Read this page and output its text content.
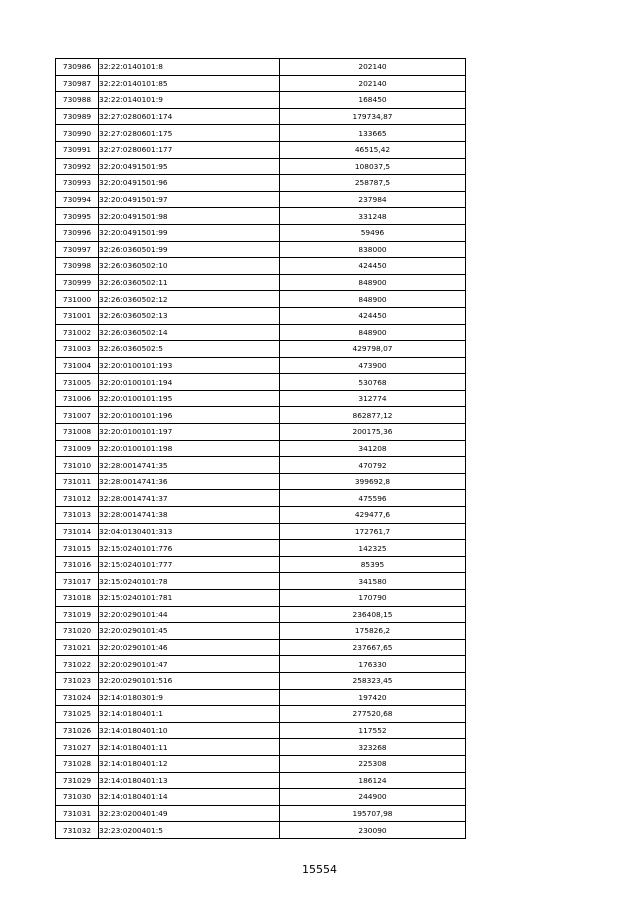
730986	32:22:0140101:8	202140
730987	32:22:0140101:85	202140
730988	32:22:0140101:9	168450
730989	32:27:0280601:174	179734,87
730990	32:27:0280601:175	133665
730991	32:27:0280601:177	46515,42
730992	32:20:0491501:95	108037,5
730993	32:20:0491501:96	258787,5
730994	32:20:0491501:97	237984
730995	32:20:0491501:98	331248
730996	32:20:0491501:99	59496
730997	32:26:0360501:99	838000
730998	32:26:0360502:10	424450
730999	32:26:0360502:11	848900
731000	32:26:0360502:12	848900
731001	32:26:0360502:13	424450
731002	32:26:0360502:14	848900
731003	32:26:0360502:5	429798,07
731004	32:20:0100101:193	473900
731005	32:20:0100101:194	530768
731006	32:20:0100101:195	312774
731007	32:20:0100101:196	862877,12
731008	32:20:0100101:197	200175,36
731009	32:20:0100101:198	341208
731010	32:28:0014741:35	470792
731011	32:28:0014741:36	399692,8
731012	32:28:0014741:37	475596
731013	32:28:0014741:38	429477,6
731014	32:04:0130401:313	172761,7
731015	32:15:0240101:776	142325
731016	32:15:0240101:777	85395
731017	32:15:0240101:78	341580
731018	32:15:0240101:781	170790
731019	32:20:0290101:44	236408,15
731020	32:20:0290101:45	175826,2
731021	32:20:0290101:46	237667,65
731022	32:20:0290101:47	176330
731023	32:20:0290101:516	258323,45
731024	32:14:0180301:9	197420
731025	32:14:0180401:1	277520,68
731026	32:14:0180401:10	117552
731027	32:14:0180401:11	323268
731028	32:14:0180401:12	225308
731029	32:14:0180401:13	186124
731030	32:14:0180401:14	244900
731031	32:23:0200401:49	195707,98
731032	32:23:0200401:5	230090
15554
